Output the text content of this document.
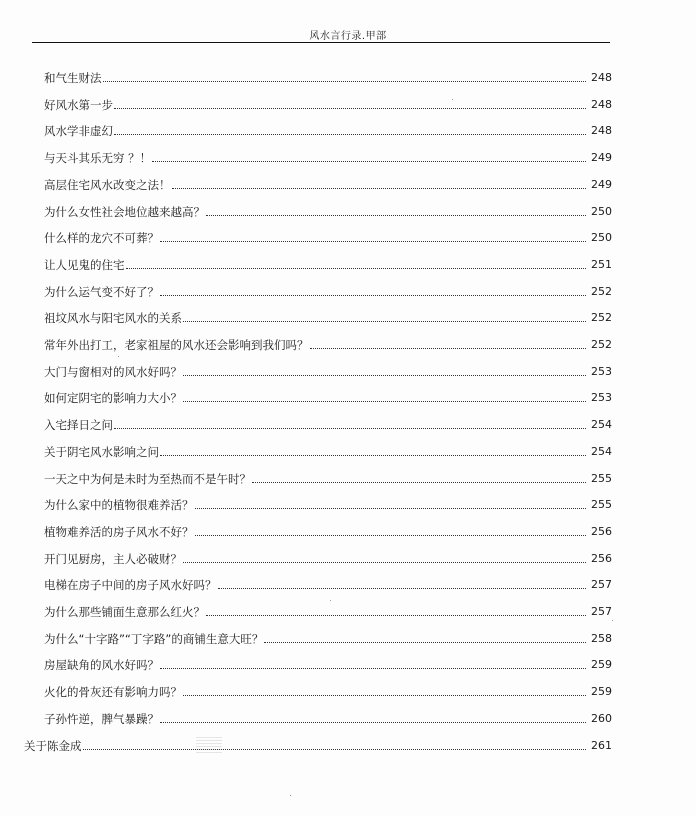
风水言行录.甲部
和气生财法	248
好风水第一步	248
风水学非虚幻	248
与天斗其乐无穷 ？！	249
高层住宅风水改变之法！	249
为什么女性社会地位越来越高？	250
什么样的龙穴不可葬？	250
让人见鬼的住宅	251
为什么运气变不好了？	252
祖坟风水与阳宅风水的关系	252
常年外出打工，老家祖屋的风水还会影响到我们吗？	252
大门与窗相对的风水好吗？	253
如何定阴宅的影响力大小？	253
入宅择日之问	254
关于阴宅风水影响之问	254
一天之中为何是未时为至热而不是午时？	255
为什么家中的植物很难养活？	255
植物难养活的房子风水不好？	256
开门见厨房，主人必破财？	256
电梯在房子中间的房子风水好吗？	257
为什么那些铺面生意那么红火？	257
为什么“十字路”“丁字路”的商铺生意大旺？	258
房屋缺角的风水好吗？	259
火化的骨灰还有影响力吗？	259
子孙忤逆，脾气暴躁？	260
关于陈金成	261
